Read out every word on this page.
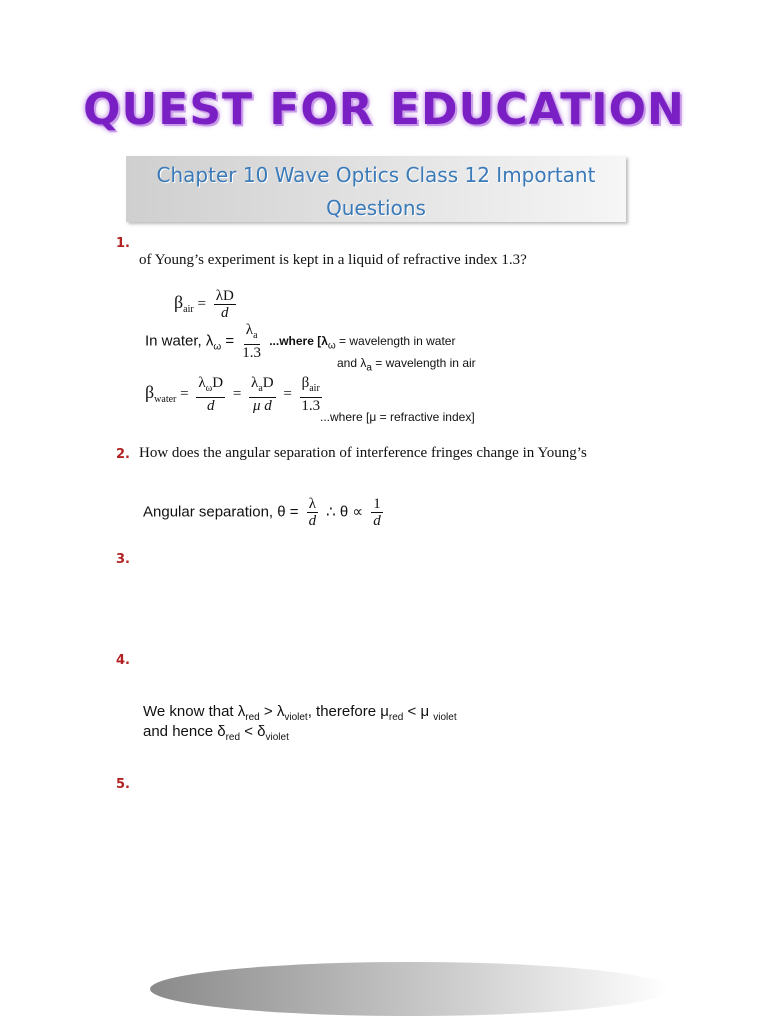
QUEST FOR EDUCATION
Chapter 10 Wave Optics Class 12 Important
Questions
1.
of Young’s experiment is kept in a liquid of refractive index 1.3?
$\beta_{air} = \frac{\lambda D}{d}$
In water, $\lambda_\omega = \frac{\lambda_a}{1.3}$ ...where [$\lambda_\omega$ = wavelength in water
and $\lambda_a$ = wavelength in air
$\beta_{water} = \frac{\lambda_\omega D}{d} = \frac{\lambda_aD}{\text{μ d}} = \frac{\beta_{air}}{1.3}$
...where [μ = refractive index]
2. How does the angular separation of interference fringes change in Young’s
Angular separation, $\theta = \frac{\lambda}{d}$ ∴ $\theta \propto \frac{1}{d}$
3.
4.
We know that $\lambda_{red} > \lambda_{violet}$, therefore $\mu_{red} < \mu$ $_{violet}$
and hence $\delta_{red} < \delta_{violet}$
5.
